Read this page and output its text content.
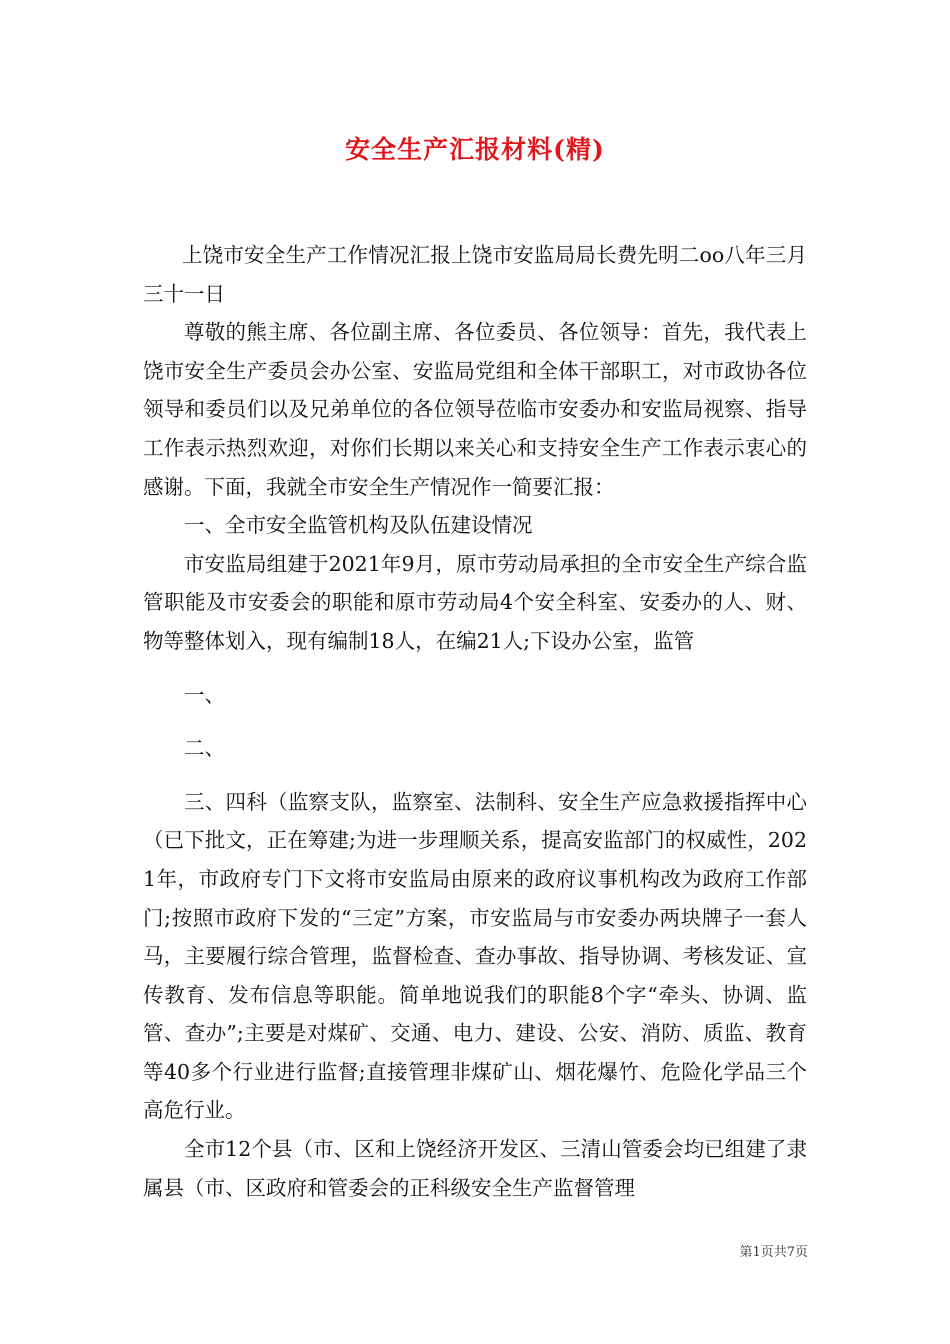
安全生产汇报材料(精)

上饶市安全生产工作情况汇报上饶市安监局局长费先明二oo八年三月三十一日

尊敬的熊主席、各位副主席、各位委员、各位领导：首先，我代表上饶市安全生产委员会办公室、安监局党组和全体干部职工，对市政协各位领导和委员们以及兄弟单位的各位领导莅临市安委办和安监局视察、指导工作表示热烈欢迎，对你们长期以来关心和支持安全生产工作表示衷心的感谢。下面，我就全市安全生产情况作一简要汇报：

一、全市安全监管机构及队伍建设情况

市安监局组建于2021年9月，原市劳动局承担的全市安全生产综合监管职能及市安委会的职能和原市劳动局4个安全科室、安委办的人、财、物等整体划入，现有编制18人，在编21人;下设办公室，监管

一、

二、

三、四科（监察支队，监察室、法制科、安全生产应急救援指挥中心（已下批文，正在筹建;为进一步理顺关系，提高安监部门的权威性，2021年，市政府专门下文将市安监局由原来的政府议事机构改为政府工作部门;按照市政府下发的“三定”方案，市安监局与市安委办两块牌子一套人马，主要履行综合管理，监督检查、查办事故、指导协调、考核发证、宣传教育、发布信息等职能。简单地说我们的职能8个字“牵头、协调、监管、查办”;主要是对煤矿、交通、电力、建设、公安、消防、质监、教育等40多个行业进行监督;直接管理非煤矿山、烟花爆竹、危险化学品三个高危行业。

全市12个县（市、区和上饶经济开发区、三清山管委会均已组建了隶属县（市、区政府和管委会的正科级安全生产监督管理

第1页共7页
